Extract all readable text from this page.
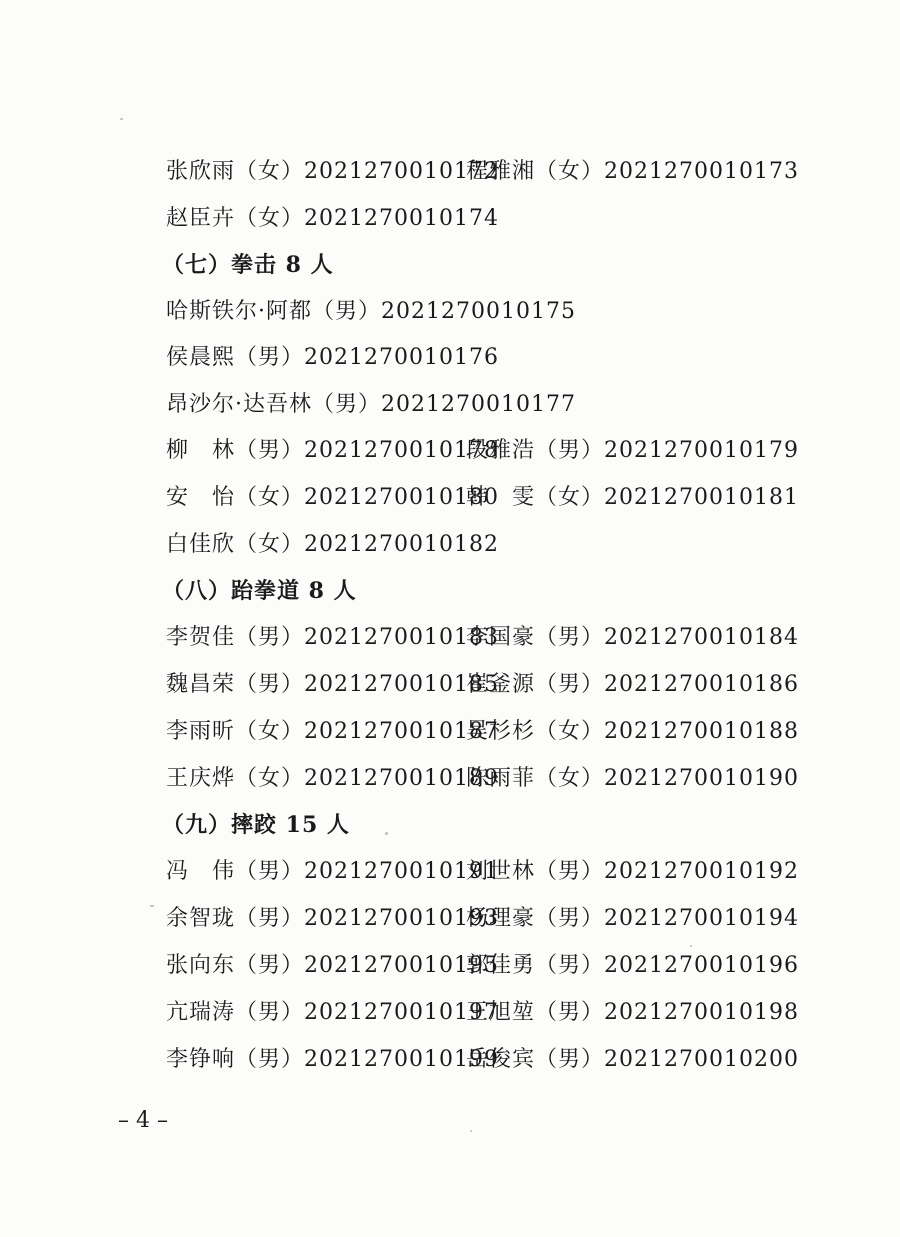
张欣雨（女）2021270010172程雅湘（女）2021270010173
赵臣卉（女）2021270010174
（七）拳击 8 人
哈斯铁尔·阿都（男）2021270010175
侯晨熙（男）2021270010176
昂沙尔·达吾林（男）2021270010177
柳　林（男）2021270010178段雅浩（男）2021270010179
安　怡（女）2021270010180韩　雯（女）2021270010181
白佳欣（女）2021270010182
（八）跆拳道 8 人
李贺佳（男）2021270010183李国豪（男）2021270010184
魏昌荣（男）2021270010185崔釜源（男）2021270010186
李雨昕（女）2021270010187吴杉杉（女）2021270010188
王庆烨（女）2021270010189陈雨菲（女）2021270010190
（九）摔跤 15 人
冯　伟（男）2021270010191刘世林（男）2021270010192
余智珑（男）2021270010193杨理豪（男）2021270010194
张向东（男）2021270010195郭佳勇（男）2021270010196
亢瑞涛（男）2021270010197王旭堃（男）2021270010198
李铮响（男）2021270010199岳俊宾（男）2021270010200
– 4 –
